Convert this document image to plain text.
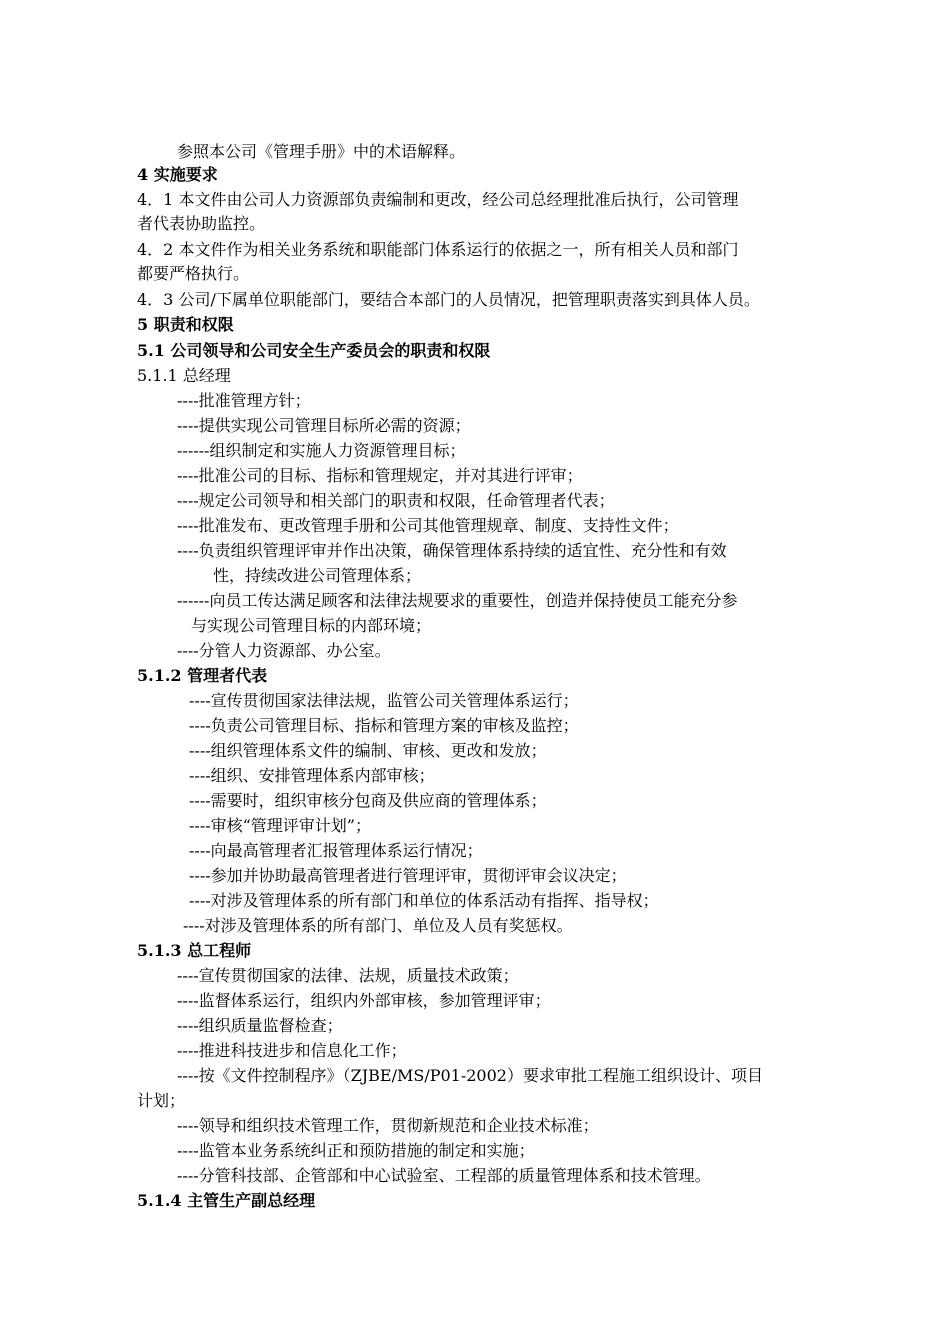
参照本公司《管理手册》中的术语解释。
4 实施要求
4．1 本文件由公司人力资源部负责编制和更改，经公司总经理批准后执行，公司管理
者代表协助监控。
4．2 本文件作为相关业务系统和职能部门体系运行的依据之一，所有相关人员和部门
都要严格执行。
4．3 公司/下属单位职能部门，要结合本部门的人员情况，把管理职责落实到具体人员。
5 职责和权限
5.1 公司领导和公司安全生产委员会的职责和权限
5.1.1 总经理
----批准管理方针；
----提供实现公司管理目标所必需的资源；
------组织制定和实施人力资源管理目标；
----批准公司的目标、指标和管理规定，并对其进行评审；
----规定公司领导和相关部门的职责和权限，任命管理者代表；
----批准发布、更改管理手册和公司其他管理规章、制度、支持性文件；
----负责组织管理评审并作出决策，确保管理体系持续的适宜性、充分性和有效
性，持续改进公司管理体系；
------向员工传达满足顾客和法律法规要求的重要性，创造并保持使员工能充分参
与实现公司管理目标的内部环境；
----分管人力资源部、办公室。
5.1.2 管理者代表
----宣传贯彻国家法律法规，监管公司关管理体系运行；
----负责公司管理目标、指标和管理方案的审核及监控；
----组织管理体系文件的编制、审核、更改和发放；
----组织、安排管理体系内部审核；
----需要时，组织审核分包商及供应商的管理体系；
----审核“管理评审计划”；
----向最高管理者汇报管理体系运行情况；
----参加并协助最高管理者进行管理评审，贯彻评审会议决定；
----对涉及管理体系的所有部门和单位的体系活动有指挥、指导权；
----对涉及管理体系的所有部门、单位及人员有奖惩权。
5.1.3 总工程师
----宣传贯彻国家的法律、法规，质量技术政策；
----监督体系运行，组织内外部审核，参加管理评审；
----组织质量监督检查；
----推进科技进步和信息化工作；
----按《文件控制程序》（ZJBE/MS/P01-2002）要求审批工程施工组织设计、项目
计划；
----领导和组织技术管理工作，贯彻新规范和企业技术标准；
----监管本业务系统纠正和预防措施的制定和实施；
----分管科技部、企管部和中心试验室、工程部的质量管理体系和技术管理。
5.1.4 主管生产副总经理
